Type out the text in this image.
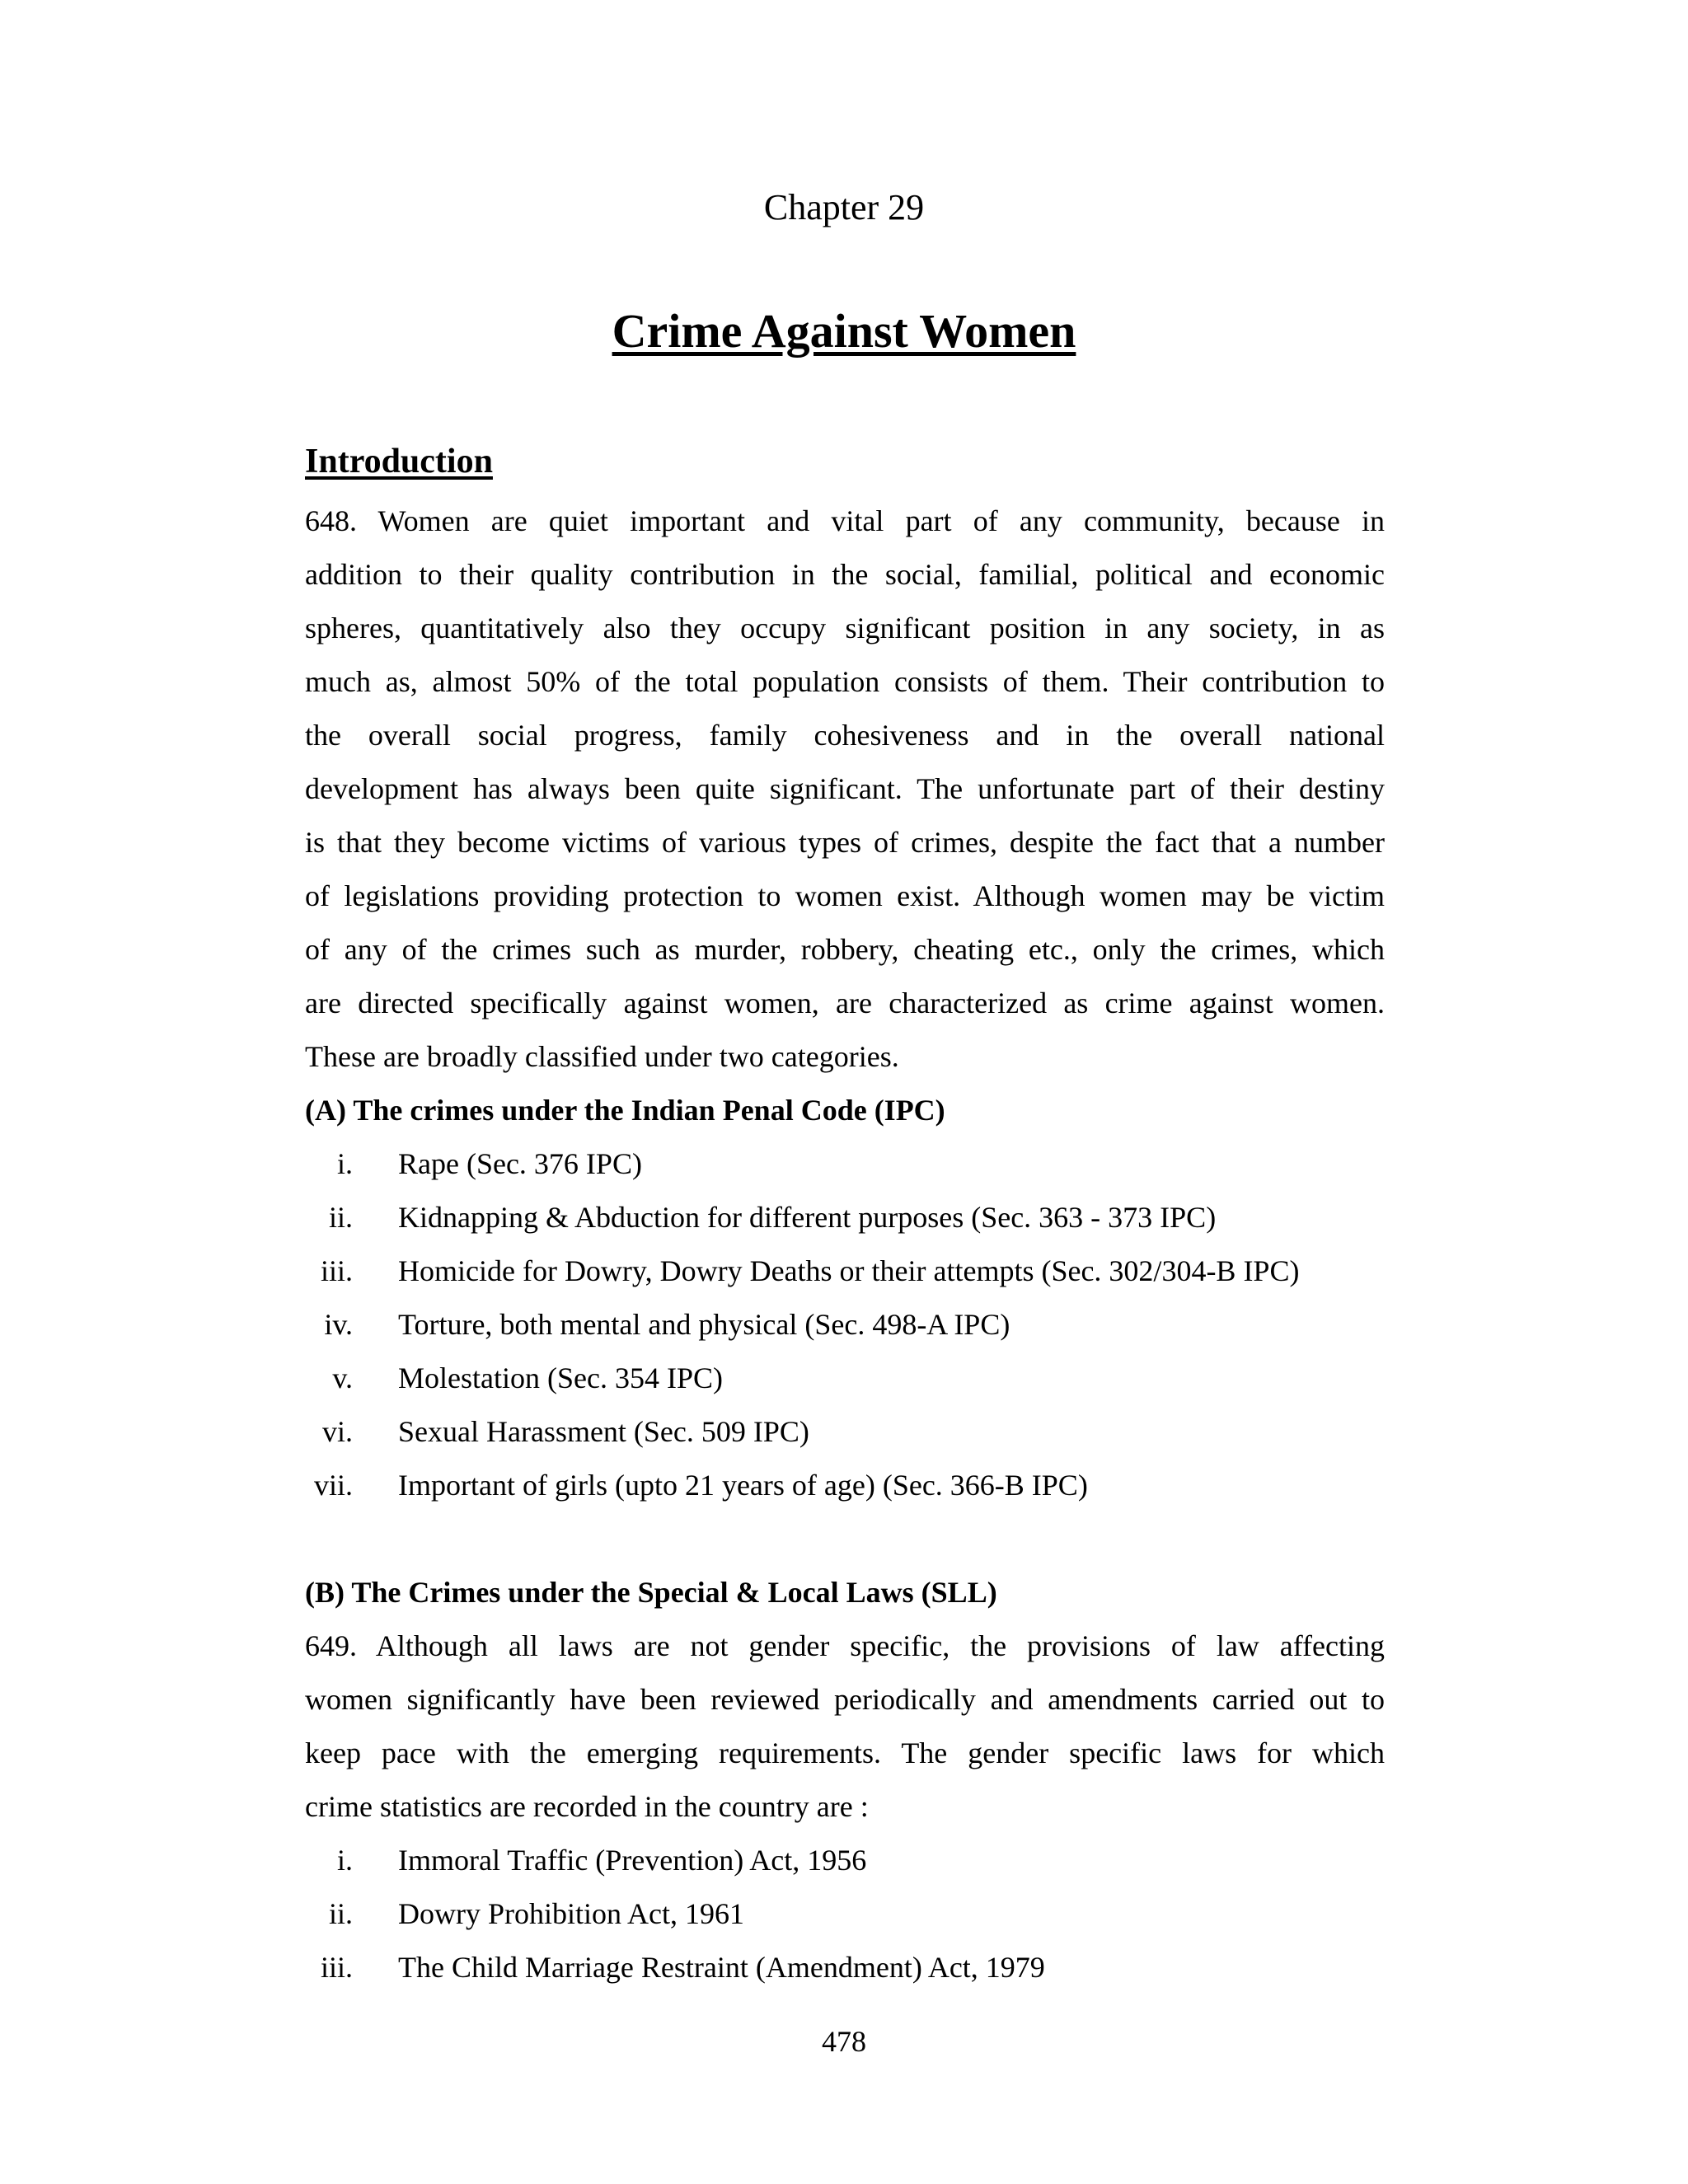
Chapter 29
Crime Against Women
Introduction
648. Women are quiet important and vital part of any community, because in
addition to their quality contribution in the social, familial, political and economic
spheres, quantitatively also they occupy significant position in any society, in as
much as, almost 50% of the total population consists of them. Their contribution to
the overall social progress, family cohesiveness and in the overall national
development has always been quite significant. The unfortunate part of their destiny
is that they become victims of various types of crimes, despite the fact that a number
of legislations providing protection to women exist. Although women may be victim
of any of the crimes such as murder, robbery, cheating etc., only the crimes, which
are directed specifically against women, are characterized as crime against women.
These are broadly classified under two categories.
(A) The crimes under the Indian Penal Code (IPC)
i. Rape (Sec. 376 IPC)
ii. Kidnapping & Abduction for different purposes (Sec. 363 - 373 IPC)
iii. Homicide for Dowry, Dowry Deaths or their attempts (Sec. 302/304-B IPC)
iv. Torture, both mental and physical (Sec. 498-A IPC)
v. Molestation (Sec. 354 IPC)
vi. Sexual Harassment (Sec. 509 IPC)
vii. Important of girls (upto 21 years of age) (Sec. 366-B IPC)
(B) The Crimes under the Special & Local Laws (SLL)
649. Although all laws are not gender specific, the provisions of law affecting
women significantly have been reviewed periodically and amendments carried out to
keep pace with the emerging requirements. The gender specific laws for which
crime statistics are recorded in the country are :
i. Immoral Traffic (Prevention) Act, 1956
ii. Dowry Prohibition Act, 1961
iii. The Child Marriage Restraint (Amendment) Act, 1979
478
